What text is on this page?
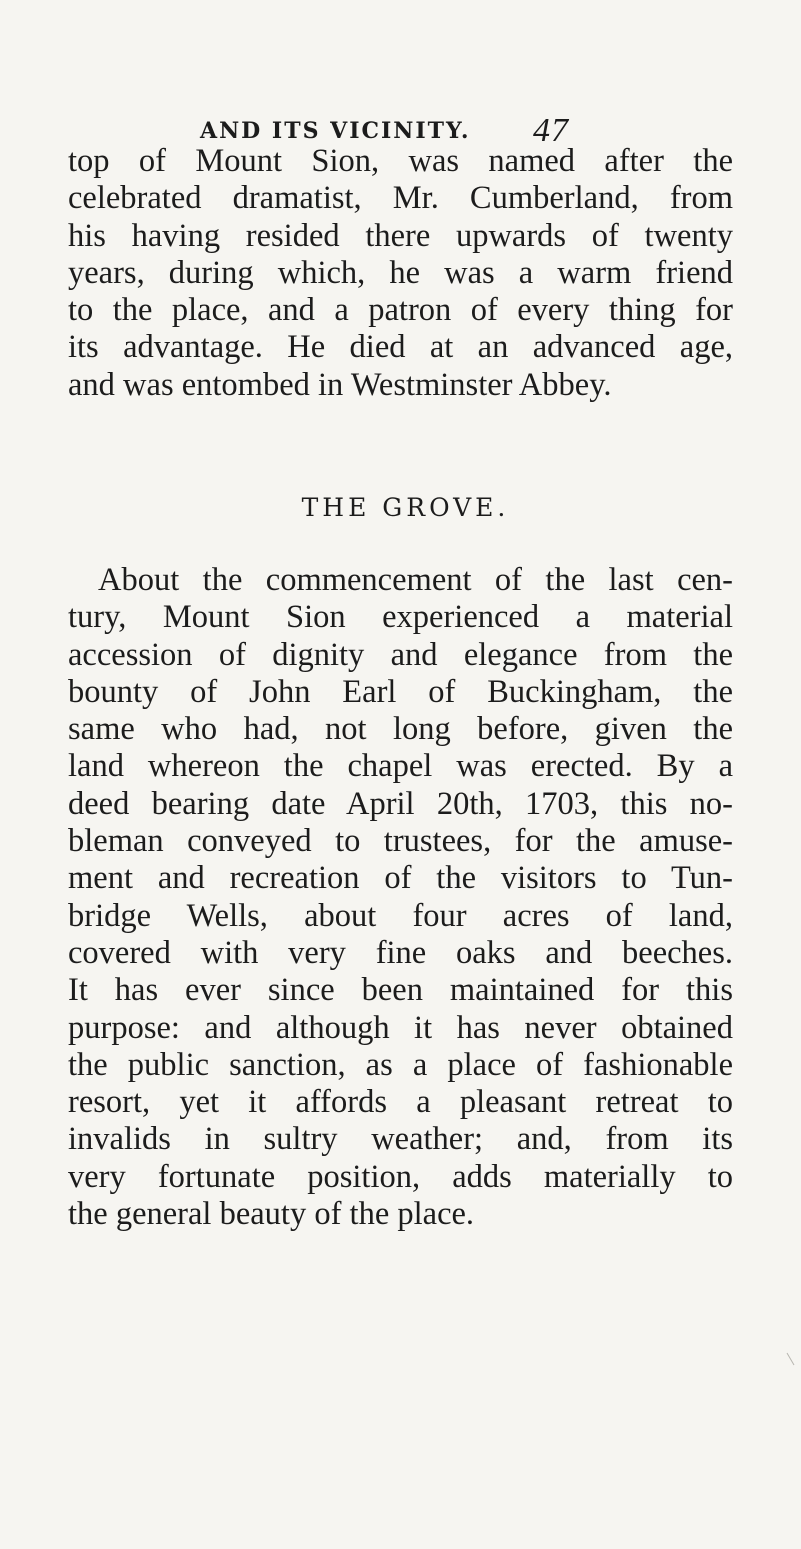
AND ITS VICINITY. 47
top of Mount Sion, was named after the
celebrated dramatist, Mr. Cumberland, from
his having resided there upwards of twenty
years, during which, he was a warm friend
to the place, and a patron of every thing for
its advantage. He died at an advanced age,
and was entombed in Westminster Abbey.
THE GROVE.
About the commencement of the last cen-
tury, Mount Sion experienced a material
accession of dignity and elegance from the
bounty of John Earl of Buckingham, the
same who had, not long before, given the
land whereon the chapel was erected. By a
deed bearing date April 20th, 1703, this no-
bleman conveyed to trustees, for the amuse-
ment and recreation of the visitors to Tun-
bridge Wells, about four acres of land,
covered with very fine oaks and beeches.
It has ever since been maintained for this
purpose: and although it has never obtained
the public sanction, as a place of fashionable
resort, yet it affords a pleasant retreat to
invalids in sultry weather; and, from its
very fortunate position, adds materially to
the general beauty of the place.
